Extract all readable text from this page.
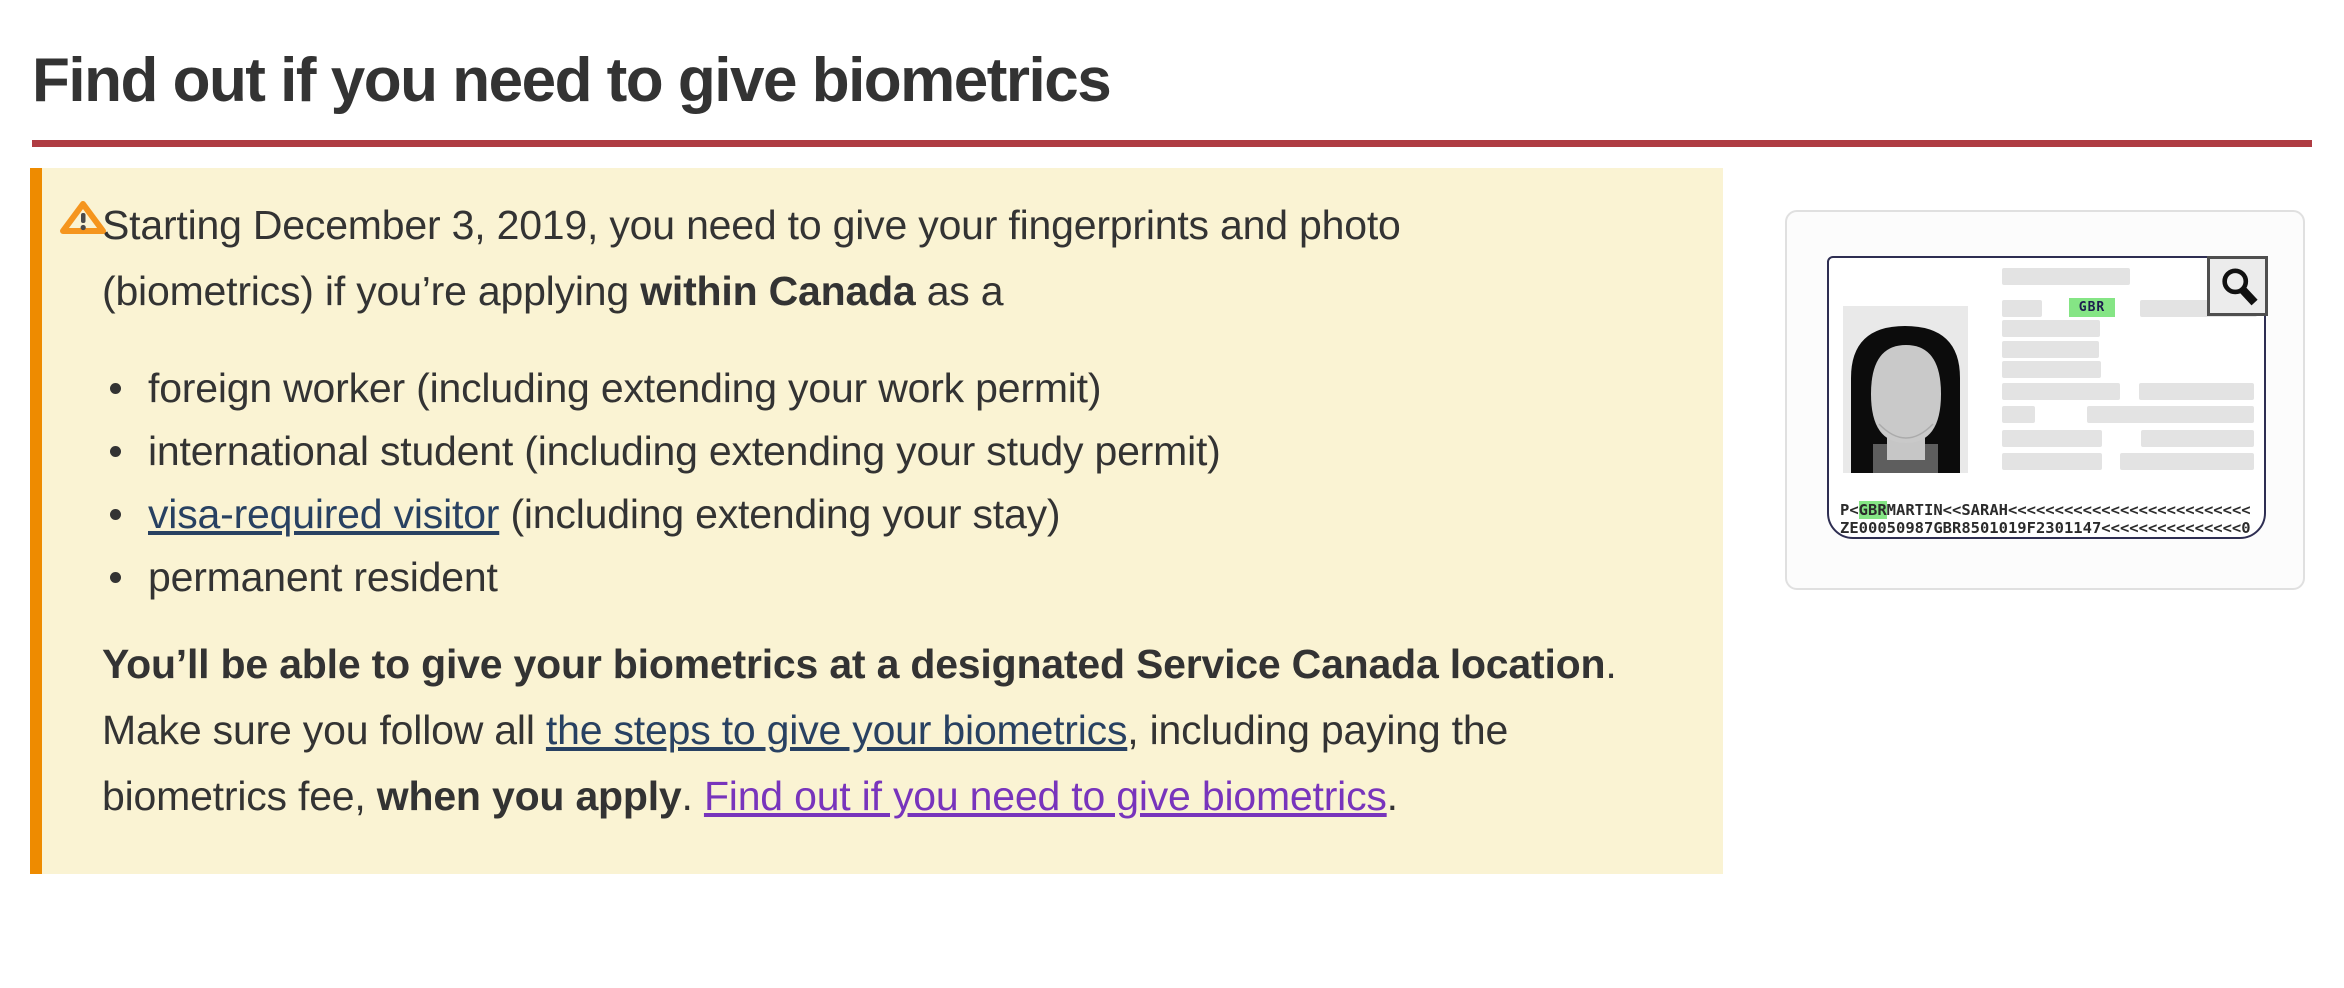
Find out if you need to give biometrics

Starting December 3, 2019, you need to give your fingerprints and photo
(biometrics) if you’re applying within Canada as a

foreign worker (including extending your work permit)
international student (including extending your study permit)
visa-required visitor (including extending your stay)
permanent resident

You’ll be able to give your biometrics at a designated Service Canada location.
Make sure you follow all the steps to give your biometrics, including paying the
biometrics fee, when you apply. Find out if you need to give biometrics.

GBR
P<GBRMARTIN<<SARAH<<<<<<<<<<<<<<<<<<<<<<<<<<
ZE00050987GBR8501019F2301147<<<<<<<<<<<<<<<0
